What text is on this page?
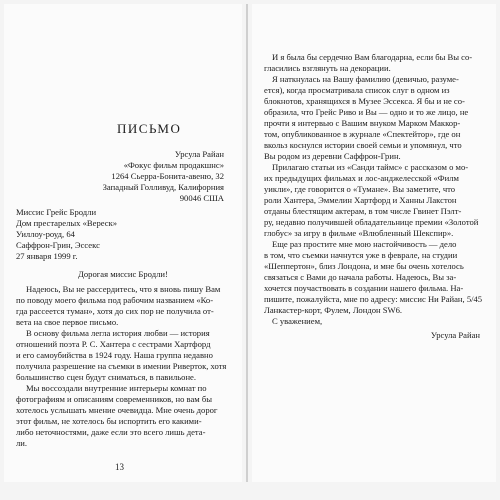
ПИСЬМО
Урсула Райан
«Фокус фильм продакшнс»
1264 Сьерра-Бонита-авеню, 32
Западный Голливуд, Калифорния
90046 США
Миссис Грейс Бродли
Дом престарелых «Вереск»
Уиллоу-роуд, 64
Саффрон-Грин, Эссекс
27 января 1999 г.
Дорогая миссис Бродли!
Надеюсь, Вы не рассердитесь, что я вновь пишу Вам
по поводу моего фильма под рабочим названием «Ко-
гда рассеется туман», хотя до сих пор не получила от-
вета на свое первое письмо.
В основу фильма легла история любви — история
отношений поэта Р. С. Хантера с сестрами Хартфорд
и его самоубийства в 1924 году. Наша группа недавно
получила разрешение на съемки в имении Риверток, хотя
большинство сцен будут сниматься, в павильоне.
Мы воссоздали внутренние интерьеры комнат по
фотографиям и описаниям современников, но вам бы
хотелось услышать мнение очевидца. Мне очень дорог
этот фильм, не хотелось бы испортить его какими-
либо неточностями, даже если это всего лишь дета-
ли.
13
И я была бы сердечно Вам благодарна, если бы Вы со-
гласились взглянуть на декорации.
Я наткнулась на Вашу фамилию (девичью, разуме-
ется), когда просматривала список слуг в одном из
блокнотов, хранящихся в Музее Эссекса. Я бы и не со-
образила, что Грейс Риво и Вы — одно и то же лицо, не
прочти я интервью с Вашим внуком Марком Маккор-
том, опубликованное в журнале «Спектейтор», где он
вкольз коснулся истории своей семьи и упомянул, что
Вы родом из деревни Саффрон-Грин.
Прилагаю статьи из «Санди таймс» с рассказом о мо-
их предыдущих фильмах и лос-анджелесской «Филм
уикли», где говорится о «Тумане». Вы заметите, что
роли Хантера, Эммелин Хартфорд и Ханны Лакстон
отданы блестящим актерам, в том числе Гвинет Пэлт-
ру, недавно получившей обладательнице премии «Золотой
глобус» за игру в фильме «Влюбленный Шекспир».
Еще раз простите мне мою настойчивость — дело
в том, что съемки начнутся уже в феврале, на студии
«Шеппертон», близ Лондона, и мне бы очень хотелось
связаться с Вами до начала работы. Надеюсь, Вы за-
хочется поучаствовать в создании нашего фильма. На-
пишите, пожалуйста, мне по адресу: миссис Ни Райан, 5/45
Ланкастер-корт, Фулем, Лондон SW6.
С уважением,
Урсула Райан
